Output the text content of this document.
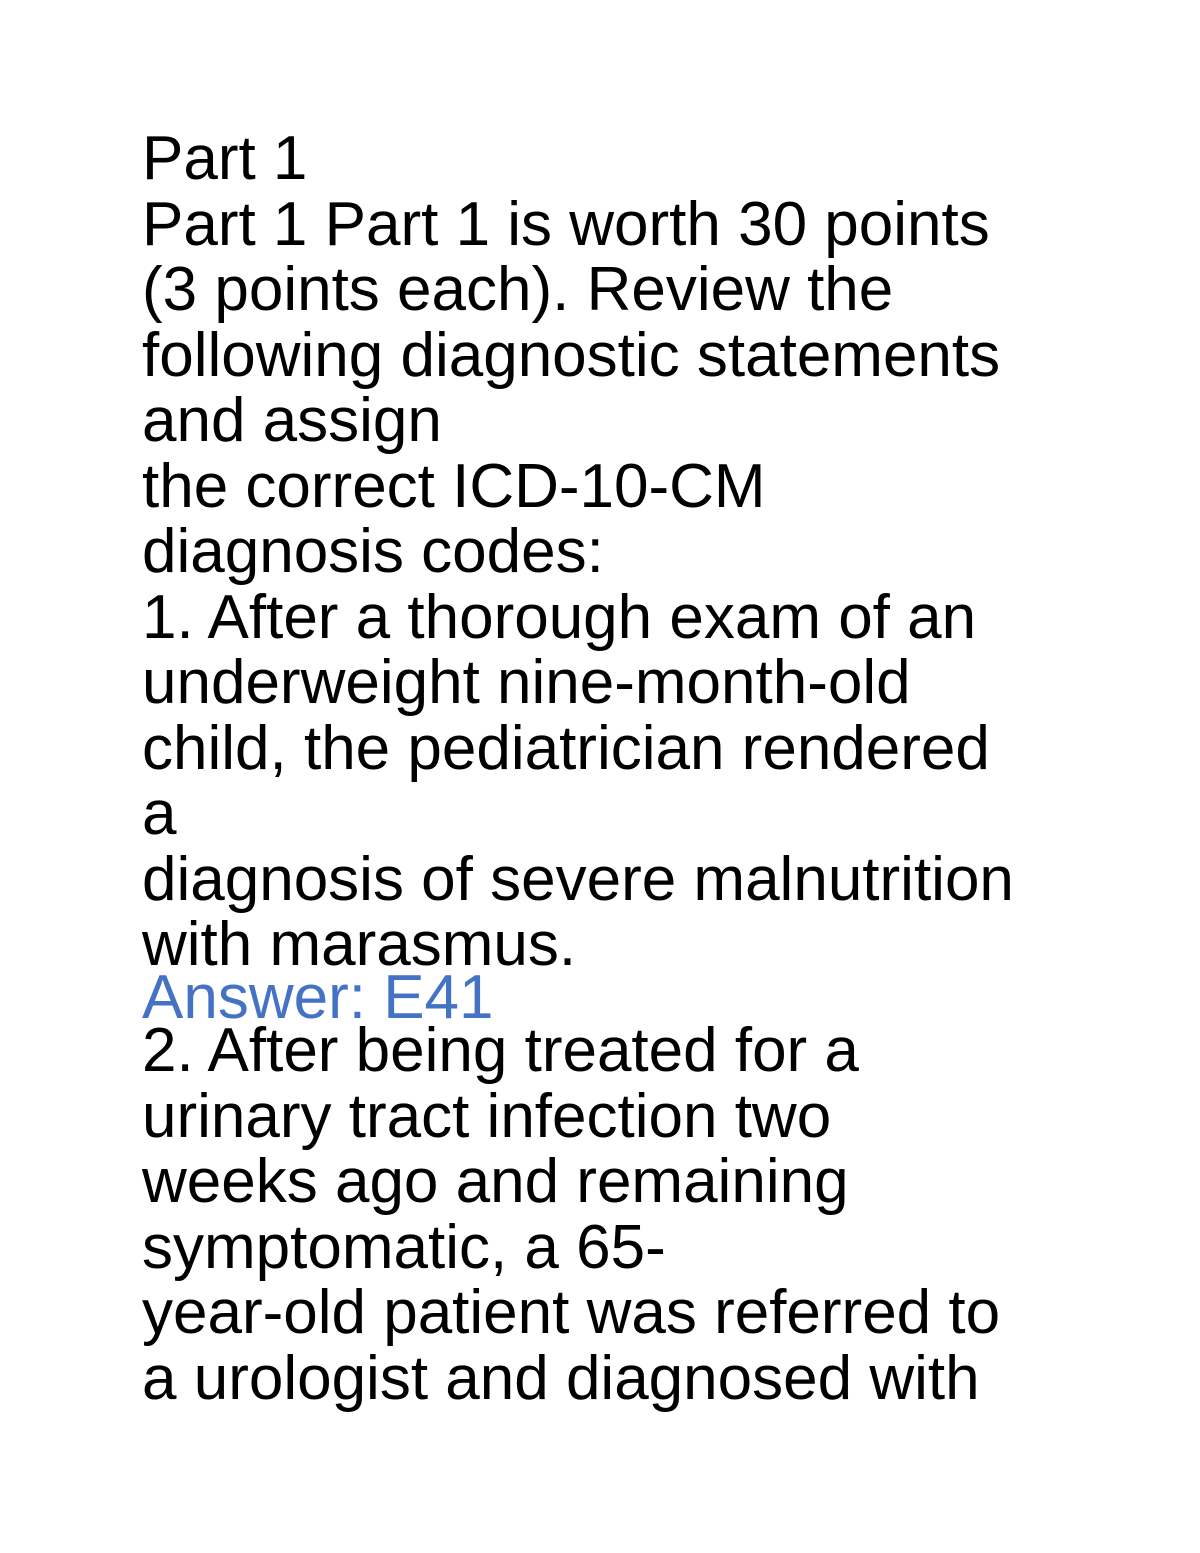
Part 1
Part 1 Part 1 is worth 30 points
(3 points each). Review the
following diagnostic statements
and assign
the correct ICD-10-CM
diagnosis codes:
1. After a thorough exam of an
underweight nine-month-old
child, the pediatrician rendered
a
diagnosis of severe malnutrition
with marasmus.
Answer: E41
2. After being treated for a
urinary tract infection two
weeks ago and remaining
symptomatic, a 65-
year-old patient was referred to
a urologist and diagnosed with
